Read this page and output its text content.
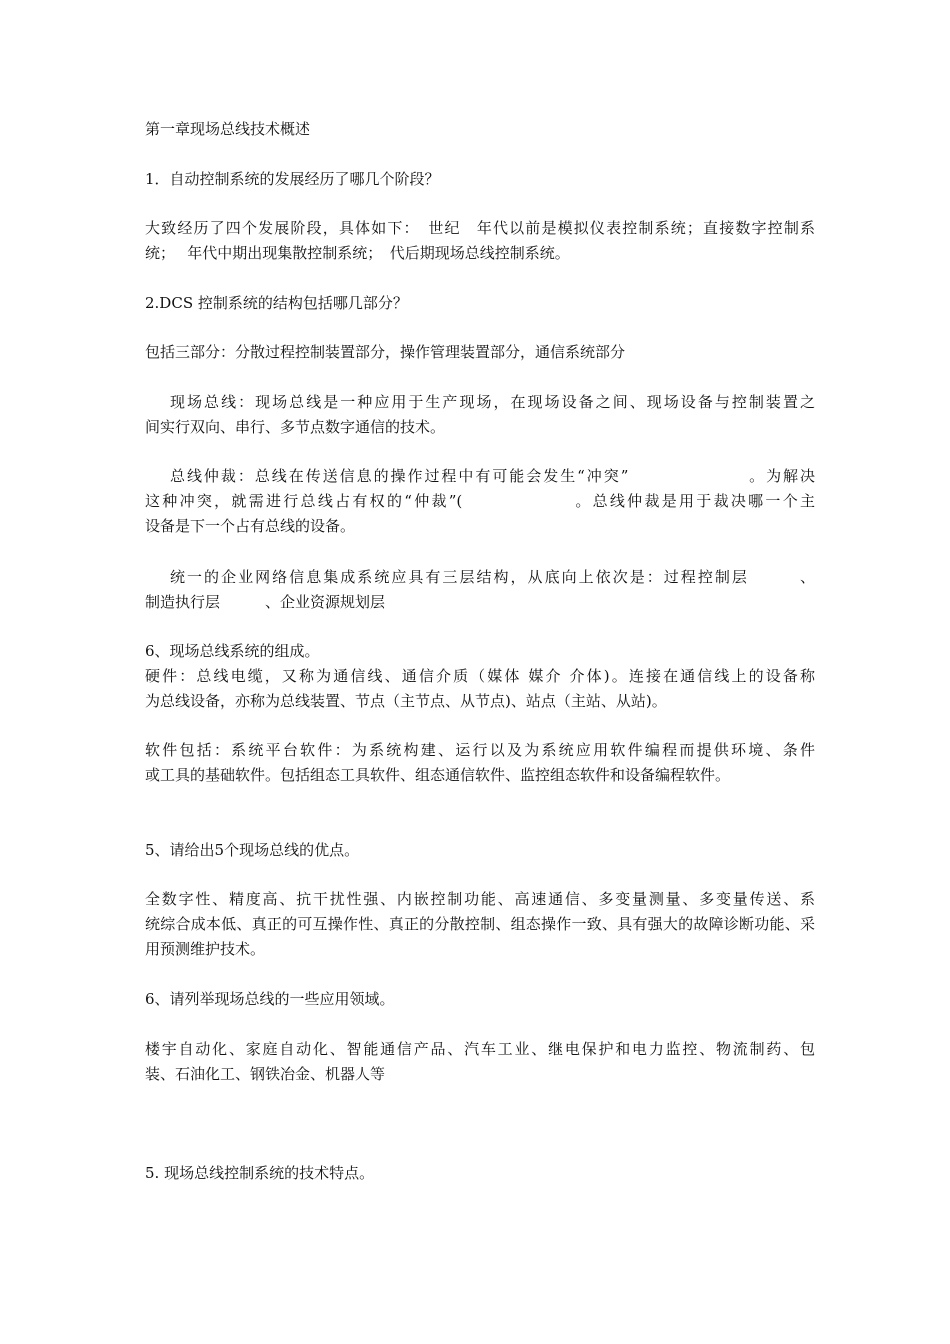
第一章现场总线技术概述
1．自动控制系统的发展经历了哪几个阶段？
大致经历了四个发展阶段，具体如下：　世纪　年代以前是模拟仪表控制系统；直接数字控制系
统；　 年代中期出现集散控制系统；　代后期现场总线控制系统。
2.DCS 控制系统的结构包括哪几部分？
包括三部分：分散过程控制装置部分，操作管理装置部分，通信系统部分
现场总线：现场总线是一种应用于生产现场，在现场设备之间、现场设备与控制装置之
间实行双向、串行、多节点数字通信的技术。
总线仲裁：总线在传送信息的操作过程中有可能会发生“冲突”　　　　　　　。为解决
这种冲突，就需进行总线占有权的“仲裁”(　　　　　　 。总线仲裁是用于裁决哪一个主
设备是下一个占有总线的设备。
统一的企业网络信息集成系统应具有三层结构，从底向上依次是：过程控制层　　　、
制造执行层　　　、企业资源规划层
6、现场总线系统的组成。
硬件：总线电缆，又称为通信线、通信介质（媒体 媒介 介体)。连接在通信线上的设备称
为总线设备，亦称为总线装置、节点（主节点、从节点)、站点（主站、从站)。
软件包括：系统平台软件：为系统构建、运行以及为系统应用软件编程而提供环境、条件
或工具的基础软件。包括组态工具软件、组态通信软件、监控组态软件和设备编程软件。
5、请给出5个现场总线的优点。
全数字性、精度高、抗干扰性强、内嵌控制功能、高速通信、多变量测量、多变量传送、系
统综合成本低、真正的可互操作性、真正的分散控制、组态操作一致、具有强大的故障诊断功能、采
用预测维护技术。
6、请列举现场总线的一些应用领域。
楼宇自动化、家庭自动化、智能通信产品、汽车工业、继电保护和电力监控、物流制药、包
装、石油化工、钢铁冶金、机器人等
5. 现场总线控制系统的技术特点。
